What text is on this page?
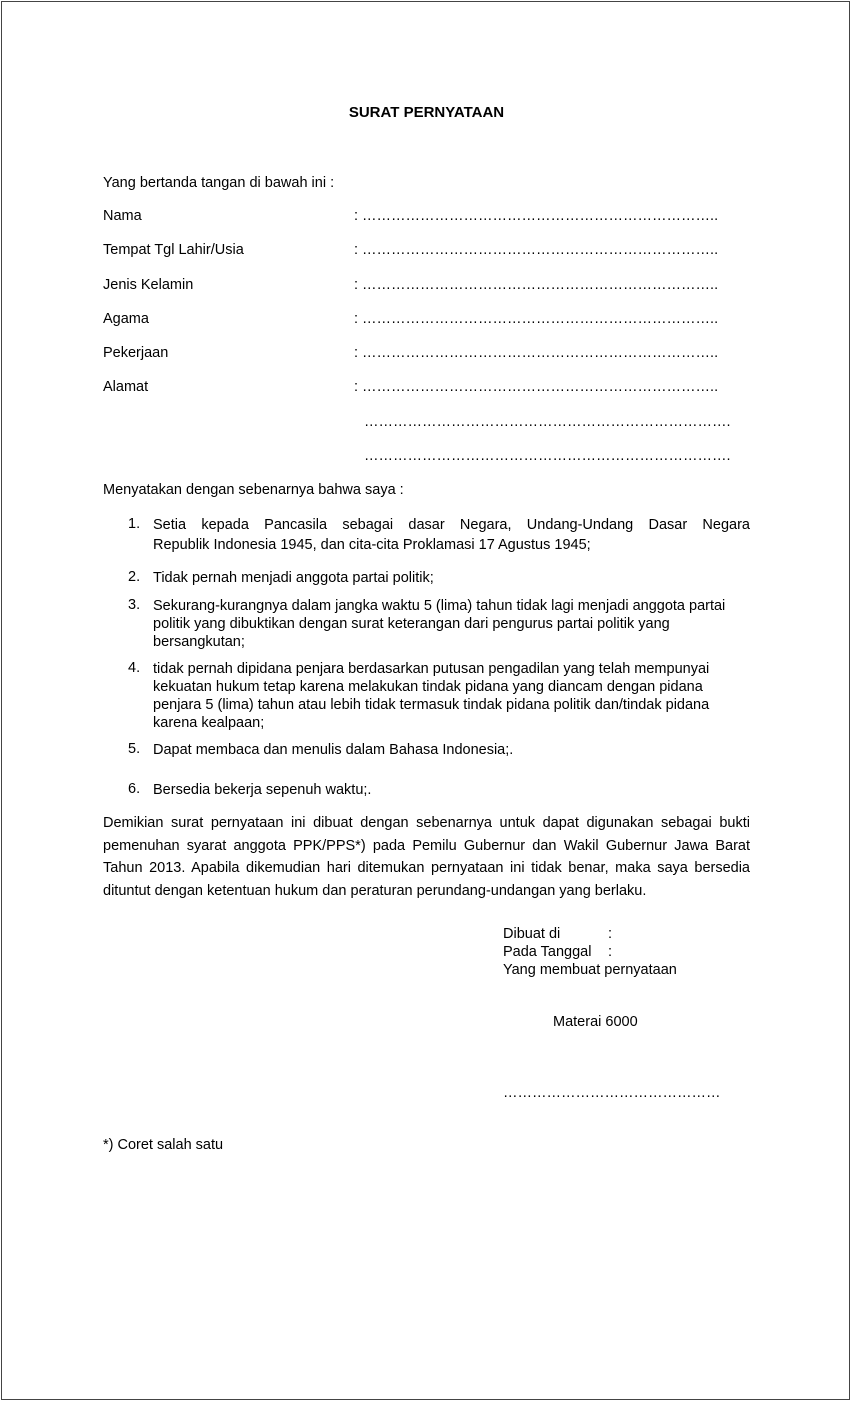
SURAT PERNYATAAN
Yang bertanda tangan di bawah ini :
Nama	: ………………………………………………………………..
Tempat Tgl Lahir/Usia	: ………………………………………………………………..
Jenis Kelamin	: ………………………………………………………………..
Agama	: ………………………………………………………………..
Pekerjaan	: ………………………………………………………………..
Alamat	: ………………………………………………………………..
………………………………………………………………….
………………………………………………………………….
Menyatakan dengan sebenarnya bahwa saya :
1. Setia kepada Pancasila sebagai dasar Negara, Undang-Undang Dasar Negara
Republik Indonesia 1945, dan cita-cita Proklamasi 17 Agustus 1945;
2. Tidak pernah menjadi anggota partai politik;
3. Sekurang-kurangnya dalam jangka waktu 5 (lima) tahun tidak lagi menjadi anggota partai politik yang dibuktikan dengan surat keterangan dari pengurus partai politik yang bersangkutan;
4. tidak pernah dipidana penjara berdasarkan putusan pengadilan yang telah mempunyai kekuatan hukum tetap karena melakukan tindak pidana yang diancam dengan pidana penjara 5 (lima) tahun atau lebih tidak termasuk tindak pidana politik dan/tindak pidana karena kealpaan;
5. Dapat membaca dan menulis dalam Bahasa Indonesia;.
6. Bersedia bekerja sepenuh waktu;.
Demikian surat pernyataan ini dibuat dengan sebenarnya untuk dapat digunakan sebagai bukti pemenuhan syarat anggota PPK/PPS*) pada Pemilu Gubernur dan Wakil Gubernur Jawa Barat Tahun 2013. Apabila dikemudian hari ditemukan pernyataan ini tidak benar, maka saya bersedia dituntut dengan ketentuan hukum dan peraturan perundang-undangan yang berlaku.
Dibuat di	:
Pada Tanggal :
Yang membuat pernyataan
Materai 6000
………………………………………
*) Coret salah satu
